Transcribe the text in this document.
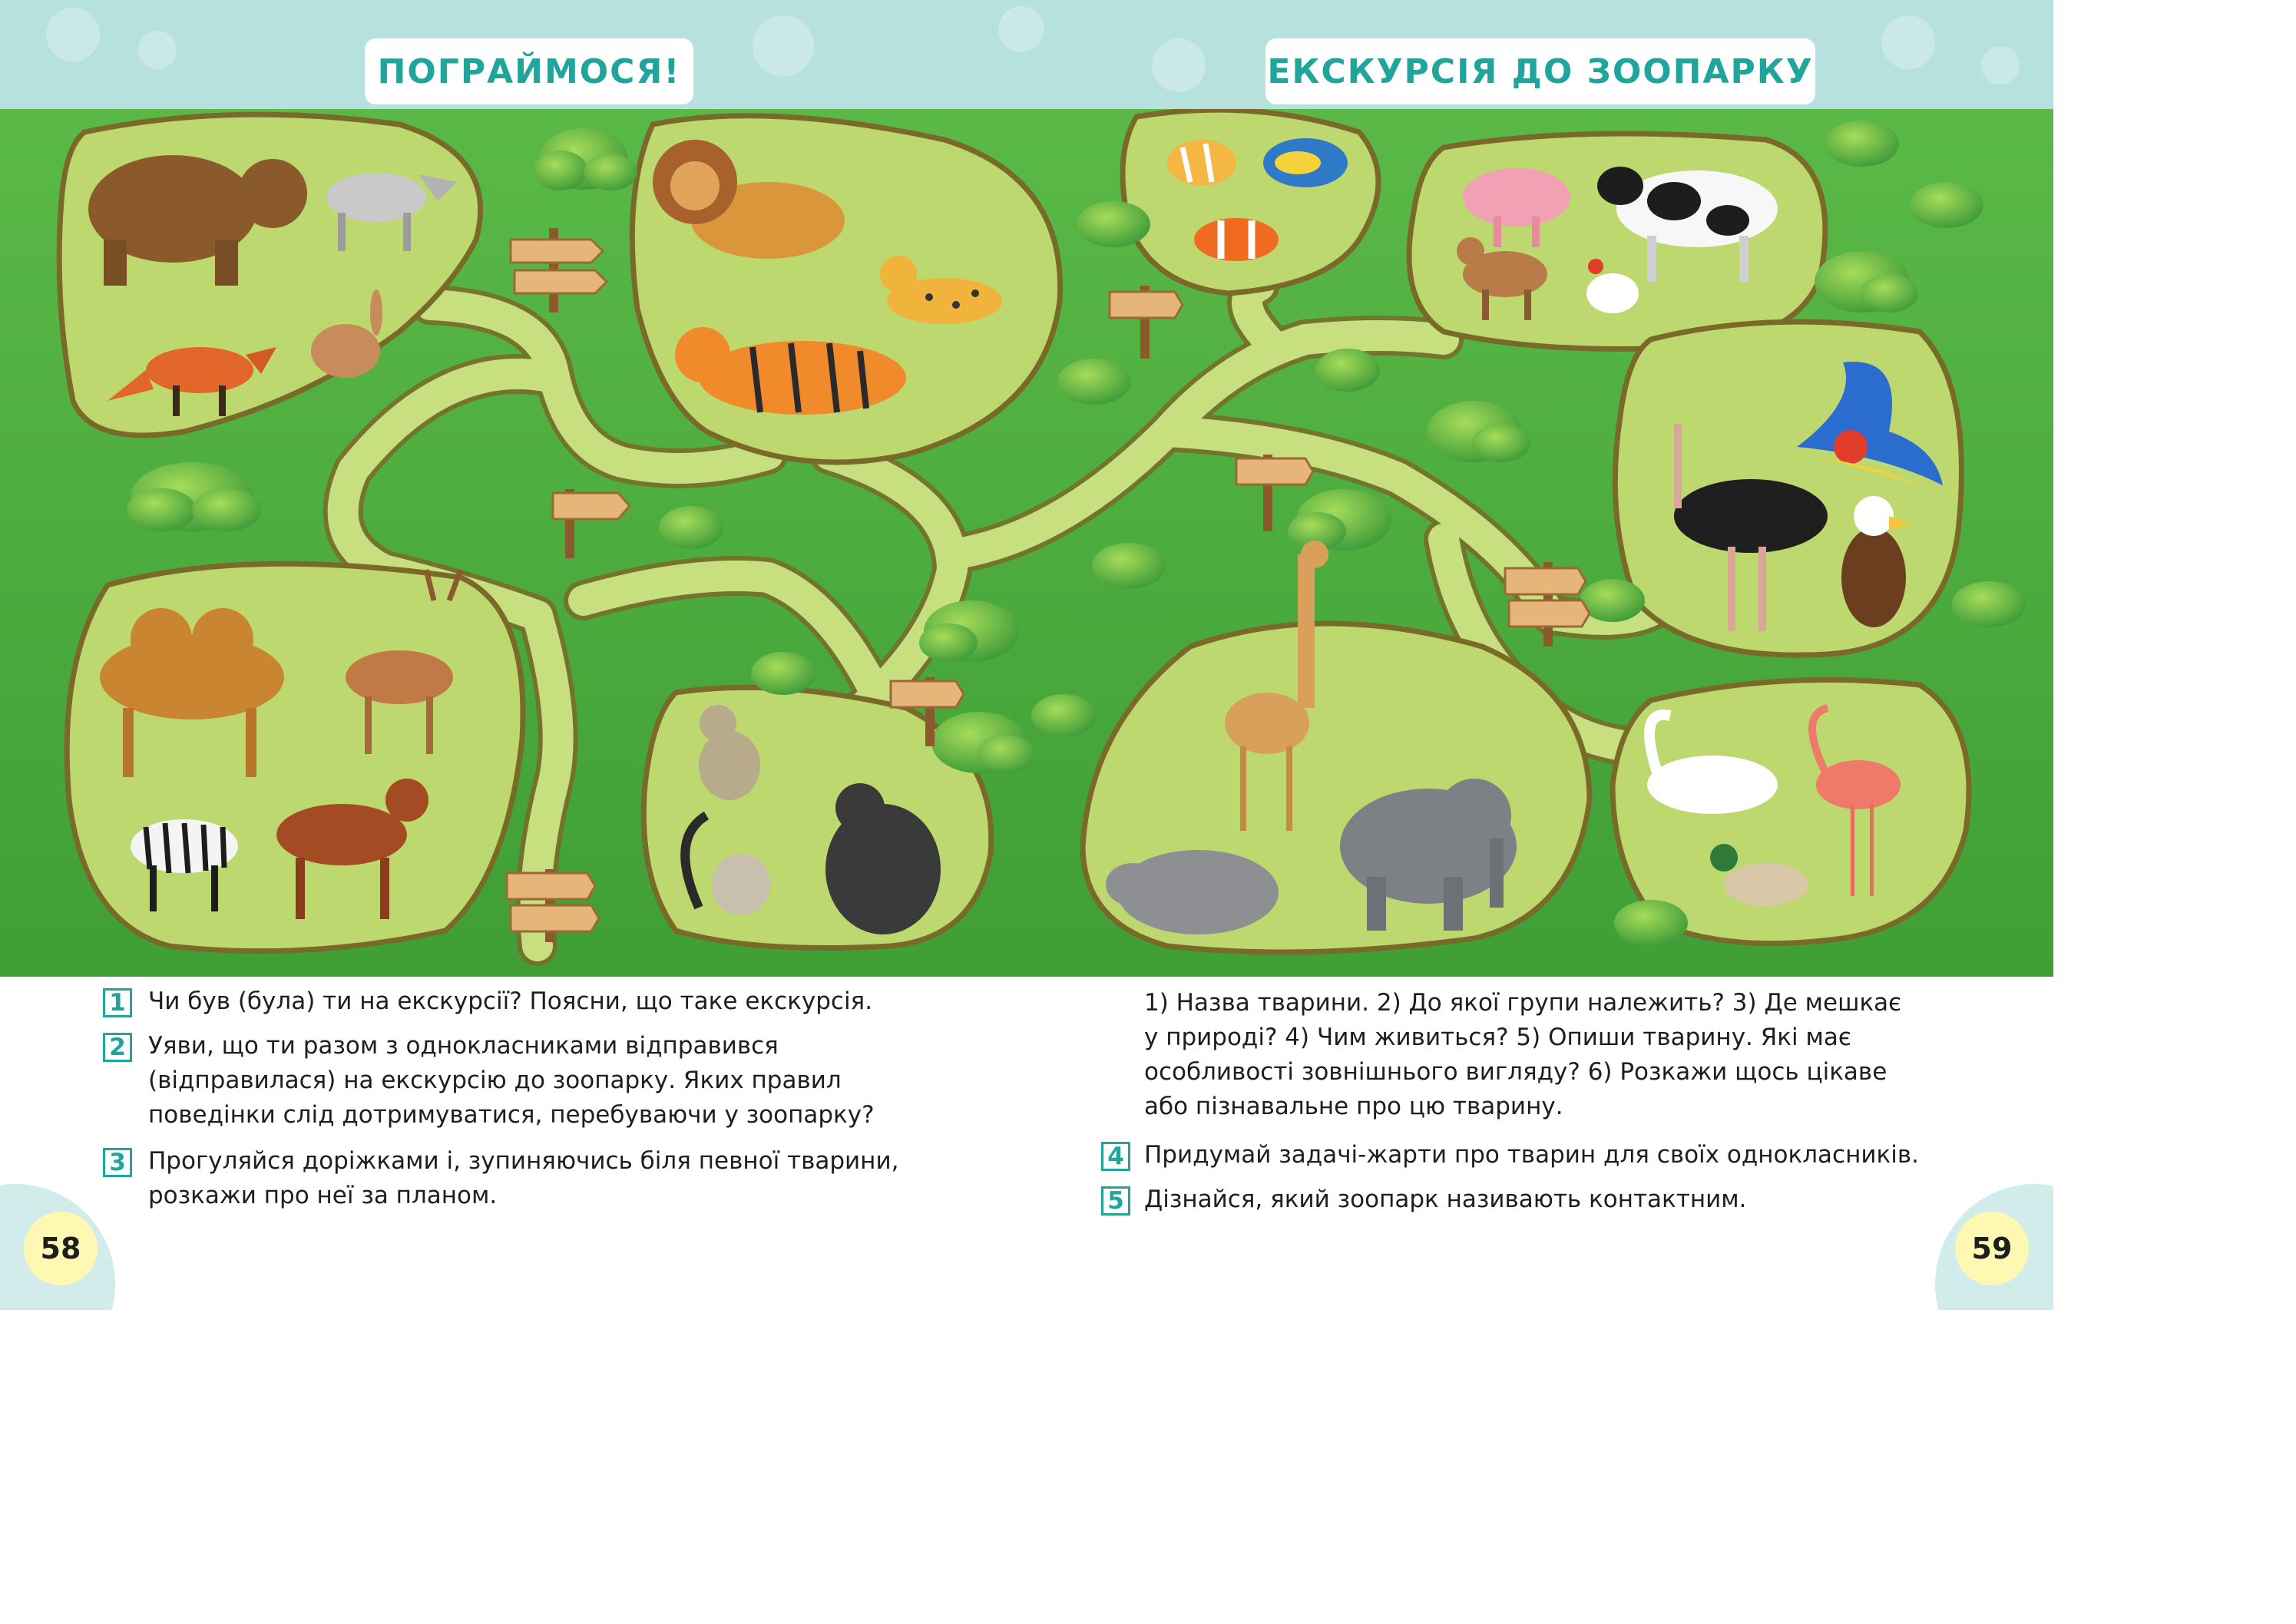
ПОГРАЙМОСЯ!	ЕКСКУРСІЯ ДО ЗООПАРКУ
1 Чи був (була) ти на екскурсії? Поясни, що таке екскурсія.
2 Уяви, що ти разом з однокласниками відправився
(відправилася) на екскурсію до зоопарку. Яких правил
поведінки слід дотримуватися, перебуваючи у зоопарку?
3 Прогуляйся доріжками і, зупиняючись біля певної тварини,
розкажи про неї за планом.
1) Назва тварини. 2) До якої групи належить? 3) Де мешкає
у природі? 4) Чим живиться? 5) Опиши тварину. Які має
особливості зовнішнього вигляду? 6) Розкажи щось цікаве
або пізнавальне про цю тварину.
4 Придумай задачі-жарти про тварин для своїх однокласників.
5 Дізнайся, який зоопарк називають контактним.
58	59
